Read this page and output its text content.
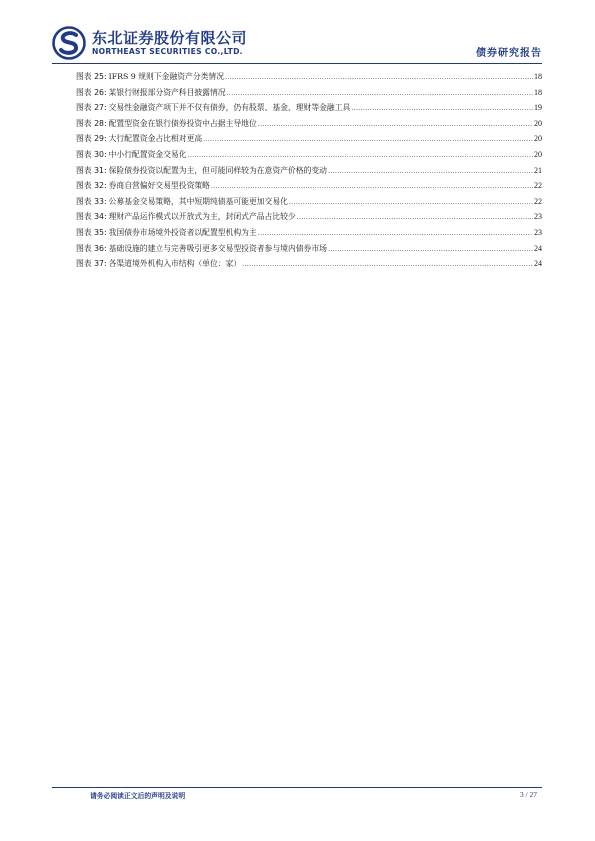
东北证券股份有限公司
NORTHEAST SECURITIES CO.,LTD.	债券研究报告
图表 25: IFRS 9 规则下金融资产分类情况 .....	18
图表 26: 某银行财报部分资产科目披露情况 .....	18
图表 27: 交易性金融资产项下并不仅有债券，仍有股票、基金、理财等金融工具 .....	19
图表 28: 配置型资金在银行债券投资中占据主导地位 .....	20
图表 29: 大行配置资金占比相对更高 .....	20
图表 30: 中小行配置资金交易化 .....	20
图表 31: 保险债券投资以配置为主，但可能同样较为在意资产价格的变动 .....	21
图表 32: 券商自营偏好交易型投资策略 .....	22
图表 33: 公募基金交易策略，其中短期纯债基可能更加交易化 .....	22
图表 34: 理财产品运作模式以开放式为主，封闭式产品占比较少 .....	23
图表 35: 我国债券市场境外投资者以配置型机构为主 .....	23
图表 36: 基础设施的建立与完善吸引更多交易型投资者参与境内债券市场 .....	24
图表 37: 各渠道境外机构入市结构（单位：家） .....	24
请务必阅读正文后的声明及说明	3 / 27
